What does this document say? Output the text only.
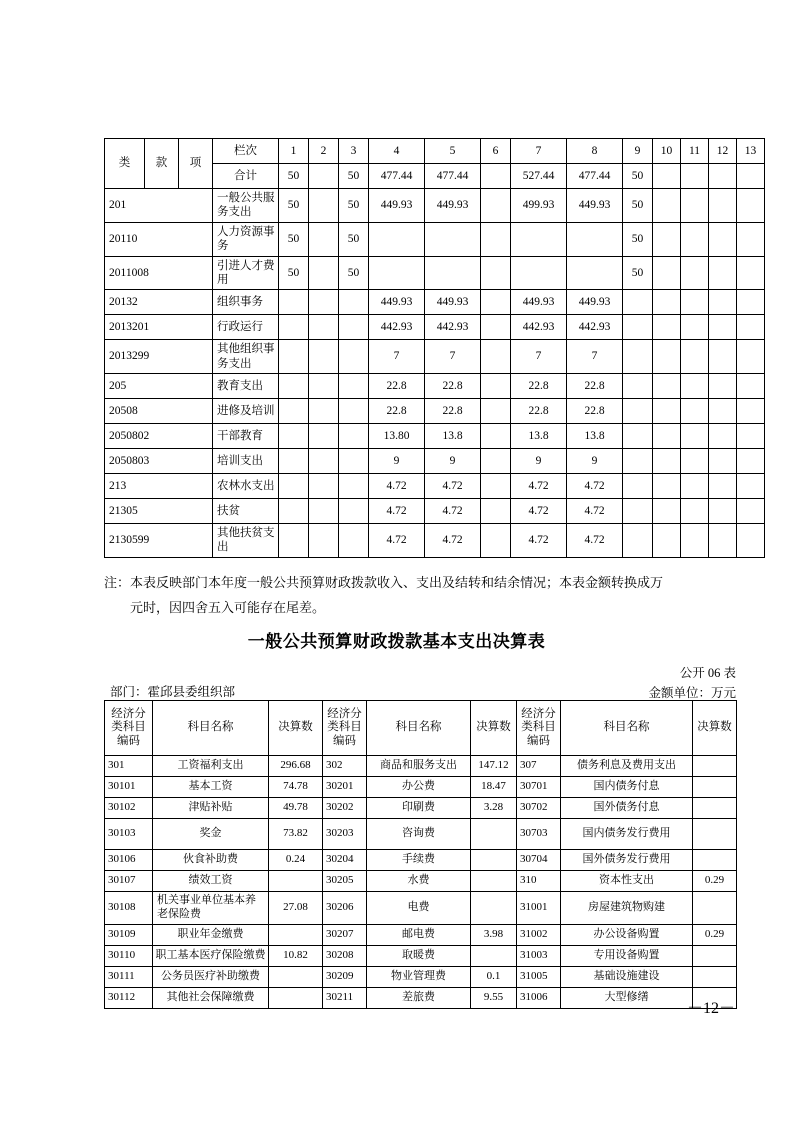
类	款	项	栏次	1	2	3	4	5	6	7	8	9	10	11	12	13
			合计	50		50	477.44	477.44		527.44	477.44	50				
201			一般公共服务支出	50		50	449.93	449.93		499.93	449.93	50				
20110			人力资源事务	50		50						50				
2011008			引进人才费用	50		50						50				
20132			组织事务				449.93	449.93		449.93	449.93					
2013201			行政运行				442.93	442.93		442.93	442.93					
2013299			其他组织事务支出				7	7		7	7					
205			教育支出				22.8	22.8		22.8	22.8					
20508			进修及培训				22.8	22.8		22.8	22.8					
2050802			干部教育				13.80	13.8		13.8	13.8					
2050803			培训支出				9	9		9	9					
213			农林水支出				4.72	4.72		4.72	4.72					
21305			扶贫				4.72	4.72		4.72	4.72					
2130599			其他扶贫支出				4.72	4.72		4.72	4.72					
注：本表反映部门本年度一般公共预算财政拨款收入、支出及结转和结余情况；本表金额转换成万
元时，因四舍五入可能存在尾差。
一般公共预算财政拨款基本支出决算表
公开 06 表
金额单位：万元
部门：霍邱县委组织部
经济分类科目编码	科目名称	决算数	经济分类科目编码	科目名称	决算数	经济分类科目编码	科目名称	决算数
301	工资福利支出	296.68	302	商品和服务支出	147.12	307	债务利息及费用支出	
30101	基本工资	74.78	30201	办公费	18.47	30701	国内债务付息	
30102	津贴补贴	49.78	30202	印刷费	3.28	30702	国外债务付息	
30103	奖金	73.82	30203	咨询费		30703	国内债务发行费用	
30106	伙食补助费	0.24	30204	手续费		30704	国外债务发行费用	
30107	绩效工资		30205	水费		310	资本性支出	0.29
30108	机关事业单位基本养老保险费	27.08	30206	电费		31001	房屋建筑物购建	
30109	职业年金缴费		30207	邮电费	3.98	31002	办公设备购置	0.29
30110	职工基本医疗保险缴费	10.82	30208	取暖费		31003	专用设备购置	
30111	公务员医疗补助缴费		30209	物业管理费	0.1	31005	基础设施建设	
30112	其他社会保障缴费		30211	差旅费	9.55	31006	大型修缮	
－12－
